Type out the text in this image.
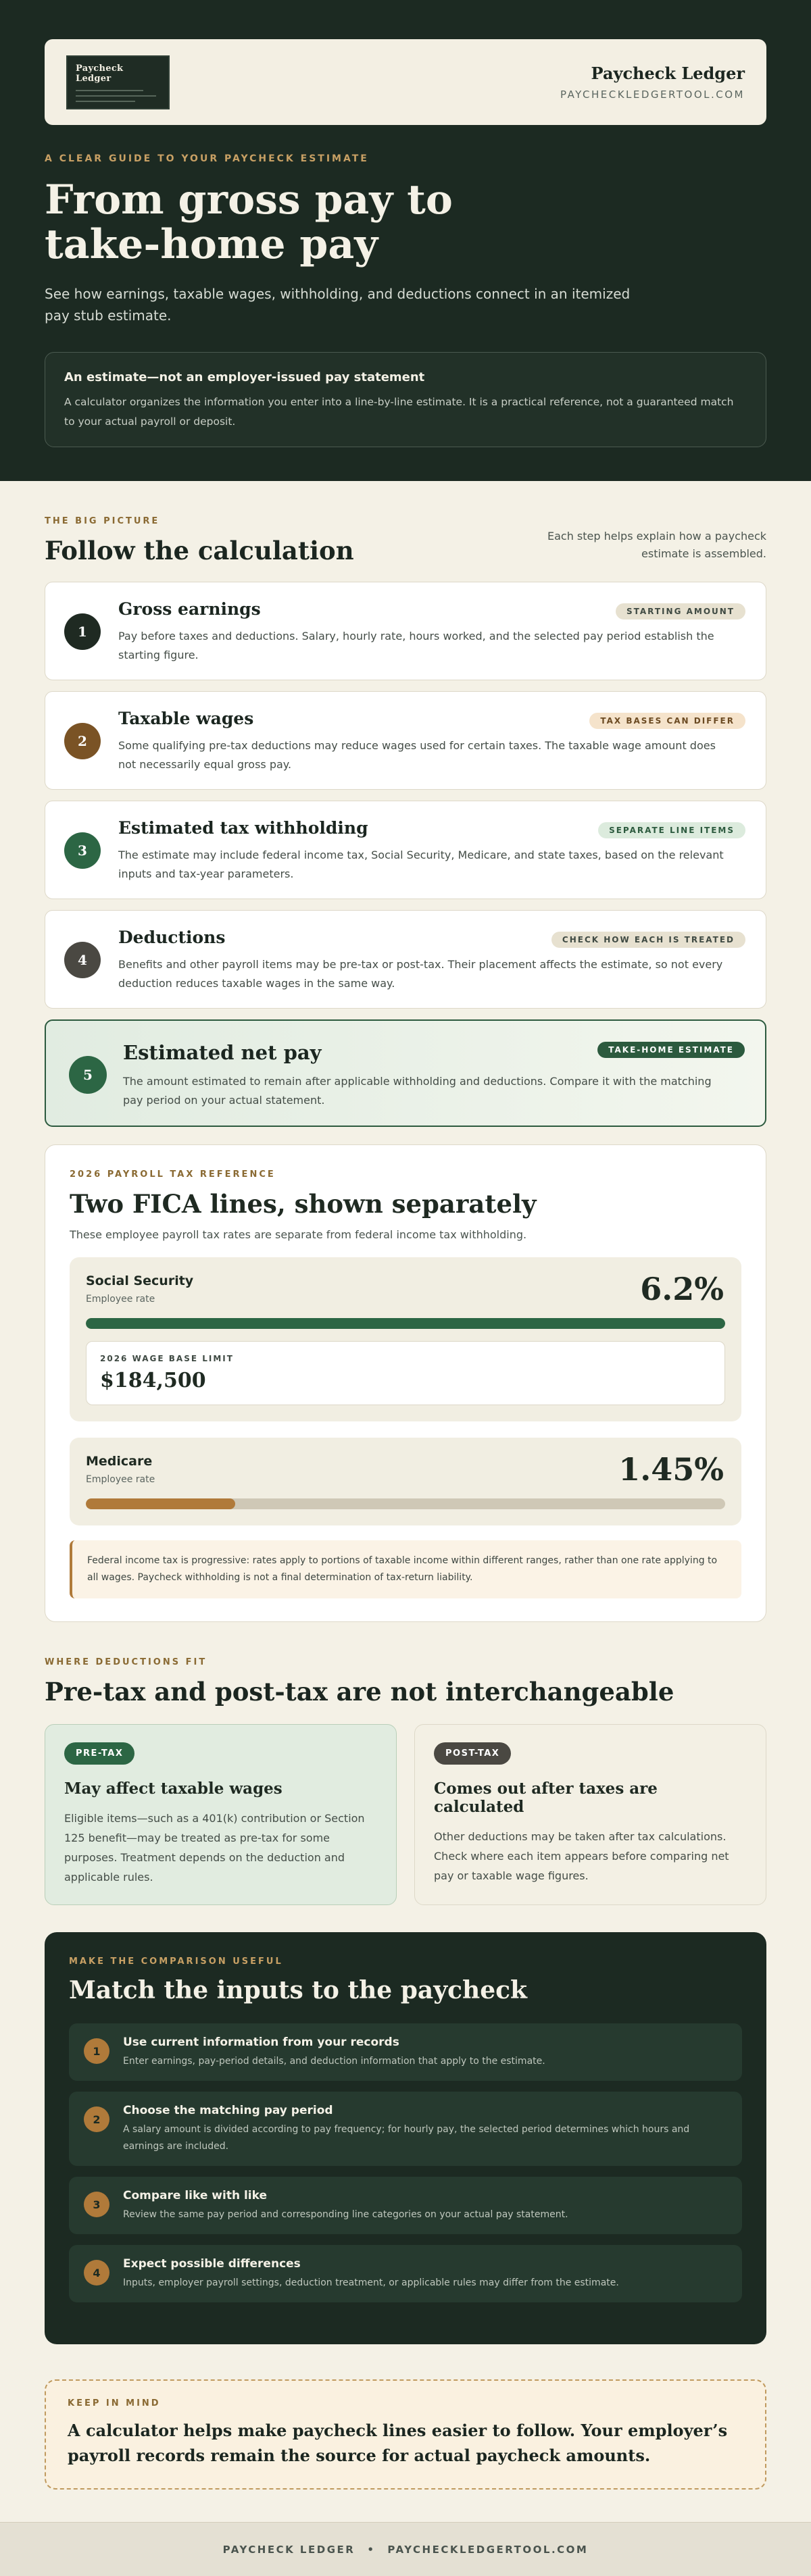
Paycheck Ledger	Paycheck Ledger
PAYCHECKLEDGERTOOL.COM
A CLEAR GUIDE TO YOUR PAYCHECK ESTIMATE
From gross pay to take-home pay

See how earnings, taxable wages, withholding, and deductions connect in an itemized pay stub estimate.

An estimate—not an employer-issued pay statement
A calculator organizes the information you enter into a line-by-line estimate. It is a practical reference, not a guaranteed match to your actual payroll or deposit.
THE BIG PICTURE
Follow the calculation	Each step helps explain how a paycheck estimate is assembled.
1
Gross earnings	STARTING AMOUNT
Pay before taxes and deductions. Salary, hourly rate, hours worked, and the selected pay period establish the starting figure.
2
Taxable wages	TAX BASES CAN DIFFER
Some qualifying pre-tax deductions may reduce wages used for certain taxes. The taxable wage amount does not necessarily equal gross pay.
3
Estimated tax withholding	SEPARATE LINE ITEMS
The estimate may include federal income tax, Social Security, Medicare, and state taxes, based on the relevant inputs and tax-year parameters.
4
Deductions	CHECK HOW EACH IS TREATED
Benefits and other payroll items may be pre-tax or post-tax. Their placement affects the estimate, so not every deduction reduces taxable wages in the same way.
5
Estimated net pay	TAKE-HOME ESTIMATE
The amount estimated to remain after applicable withholding and deductions. Compare it with the matching pay period on your actual statement.
2026 PAYROLL TAX REFERENCE
Two FICA lines, shown separately

These employee payroll tax rates are separate from federal income tax withholding.

Social Security
Employee rate	6.2%
2026 WAGE BASE LIMIT
$184,500
Medicare
Employee rate	1.45%
Federal income tax is progressive: rates apply to portions of taxable income within different ranges, rather than one rate applying to all wages. Paycheck withholding is not a final determination of tax-return liability.
WHERE DEDUCTIONS FIT
Pre-tax and post-tax are not interchangeable
PRE-TAX
May affect taxable wages
Eligible items—such as a 401(k) contribution or Section 125 benefit—may be treated as pre-tax for some purposes. Treatment depends on the deduction and applicable rules.
POST-TAX
Comes out after taxes are calculated
Other deductions may be taken after tax calculations. Check where each item appears before comparing net pay or taxable wage figures.
MAKE THE COMPARISON USEFUL
Match the inputs to the paycheck
1
Use current information from your records
Enter earnings, pay-period details, and deduction information that apply to the estimate.
2
Choose the matching pay period
A salary amount is divided according to pay frequency; for hourly pay, the selected period determines which hours and earnings are included.
3
Compare like with like
Review the same pay period and corresponding line categories on your actual pay statement.
4
Expect possible differences
Inputs, employer payroll settings, deduction treatment, or applicable rules may differ from the estimate.
KEEP IN MIND
A calculator helps make paycheck lines easier to follow. Your employer’s payroll records remain the source for actual paycheck amounts.
PAYCHECK LEDGER • PAYCHECKLEDGERTOOL.COM
